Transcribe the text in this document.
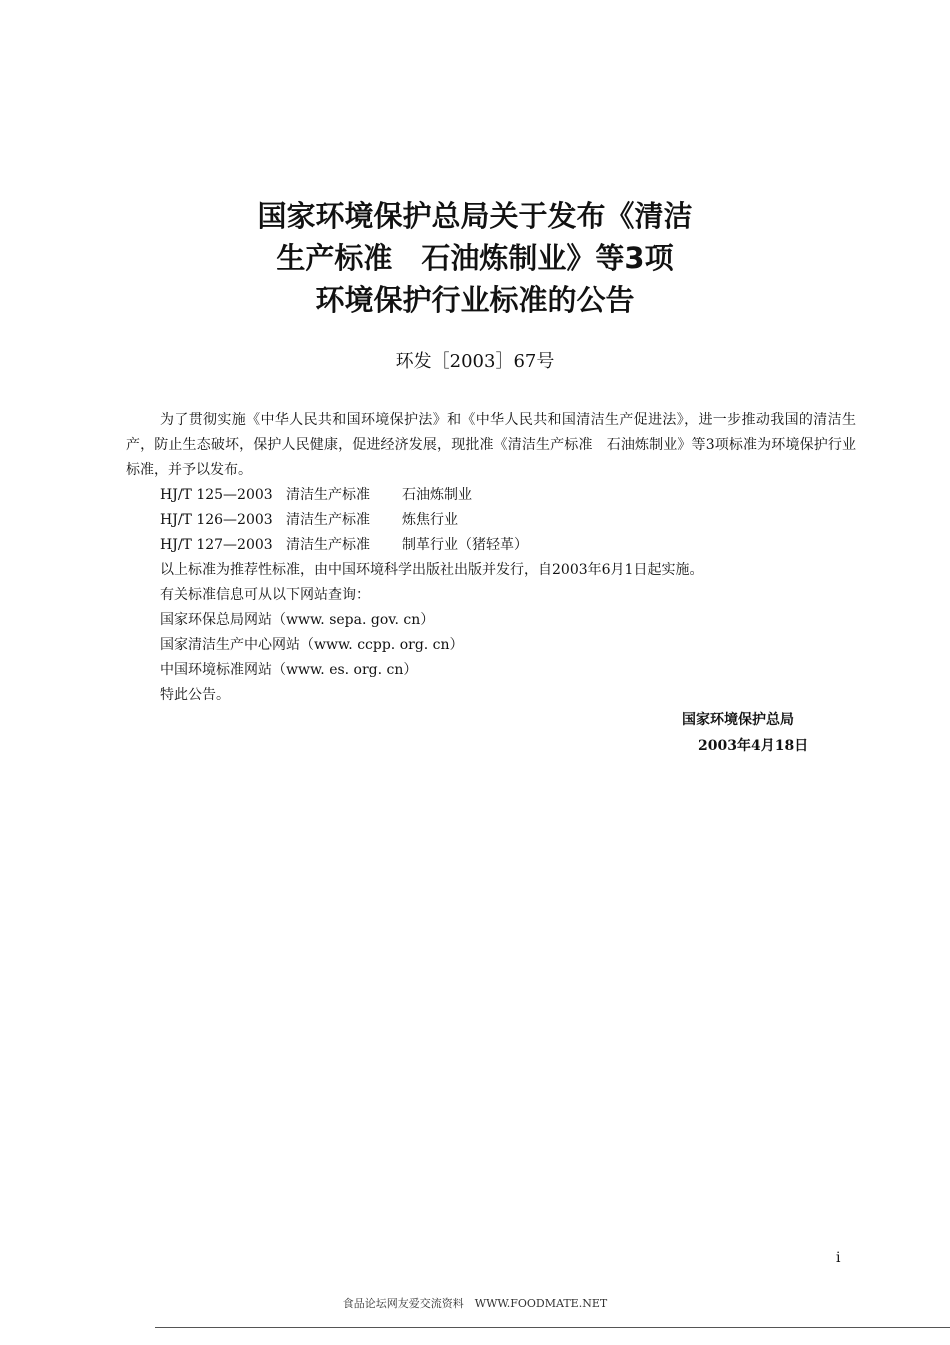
国家环境保护总局关于发布《清洁
生产标准　石油炼制业》等3项
环境保护行业标准的公告
环发［2003］67号

为了贯彻实施《中华人民共和国环境保护法》和《中华人民共和国清洁生产促进法》，进一步推动我国的清洁生产，防止生态破坏，保护人民健康，促进经济发展，现批准《清洁生产标准　石油炼制业》等3项标准为环境保护行业标准，并予以发布。

HJ/T 125—2003 清洁生产标准 石油炼制业

HJ/T 126—2003 清洁生产标准 炼焦行业

HJ/T 127—2003 清洁生产标准 制革行业（猪轻革）

以上标准为推荐性标准，由中国环境科学出版社出版并发行，自2003年6月1日起实施。

有关标准信息可从以下网站查询：

国家环保总局网站（www. sepa. gov. cn）

国家清洁生产中心网站（www. ccpp. org. cn）

中国环境标准网站（www. es. org. cn）

特此公告。

国家环境保护总局
2003年4月18日
i
食品论坛网友爱交流资料　WWW.FOODMATE.NET
